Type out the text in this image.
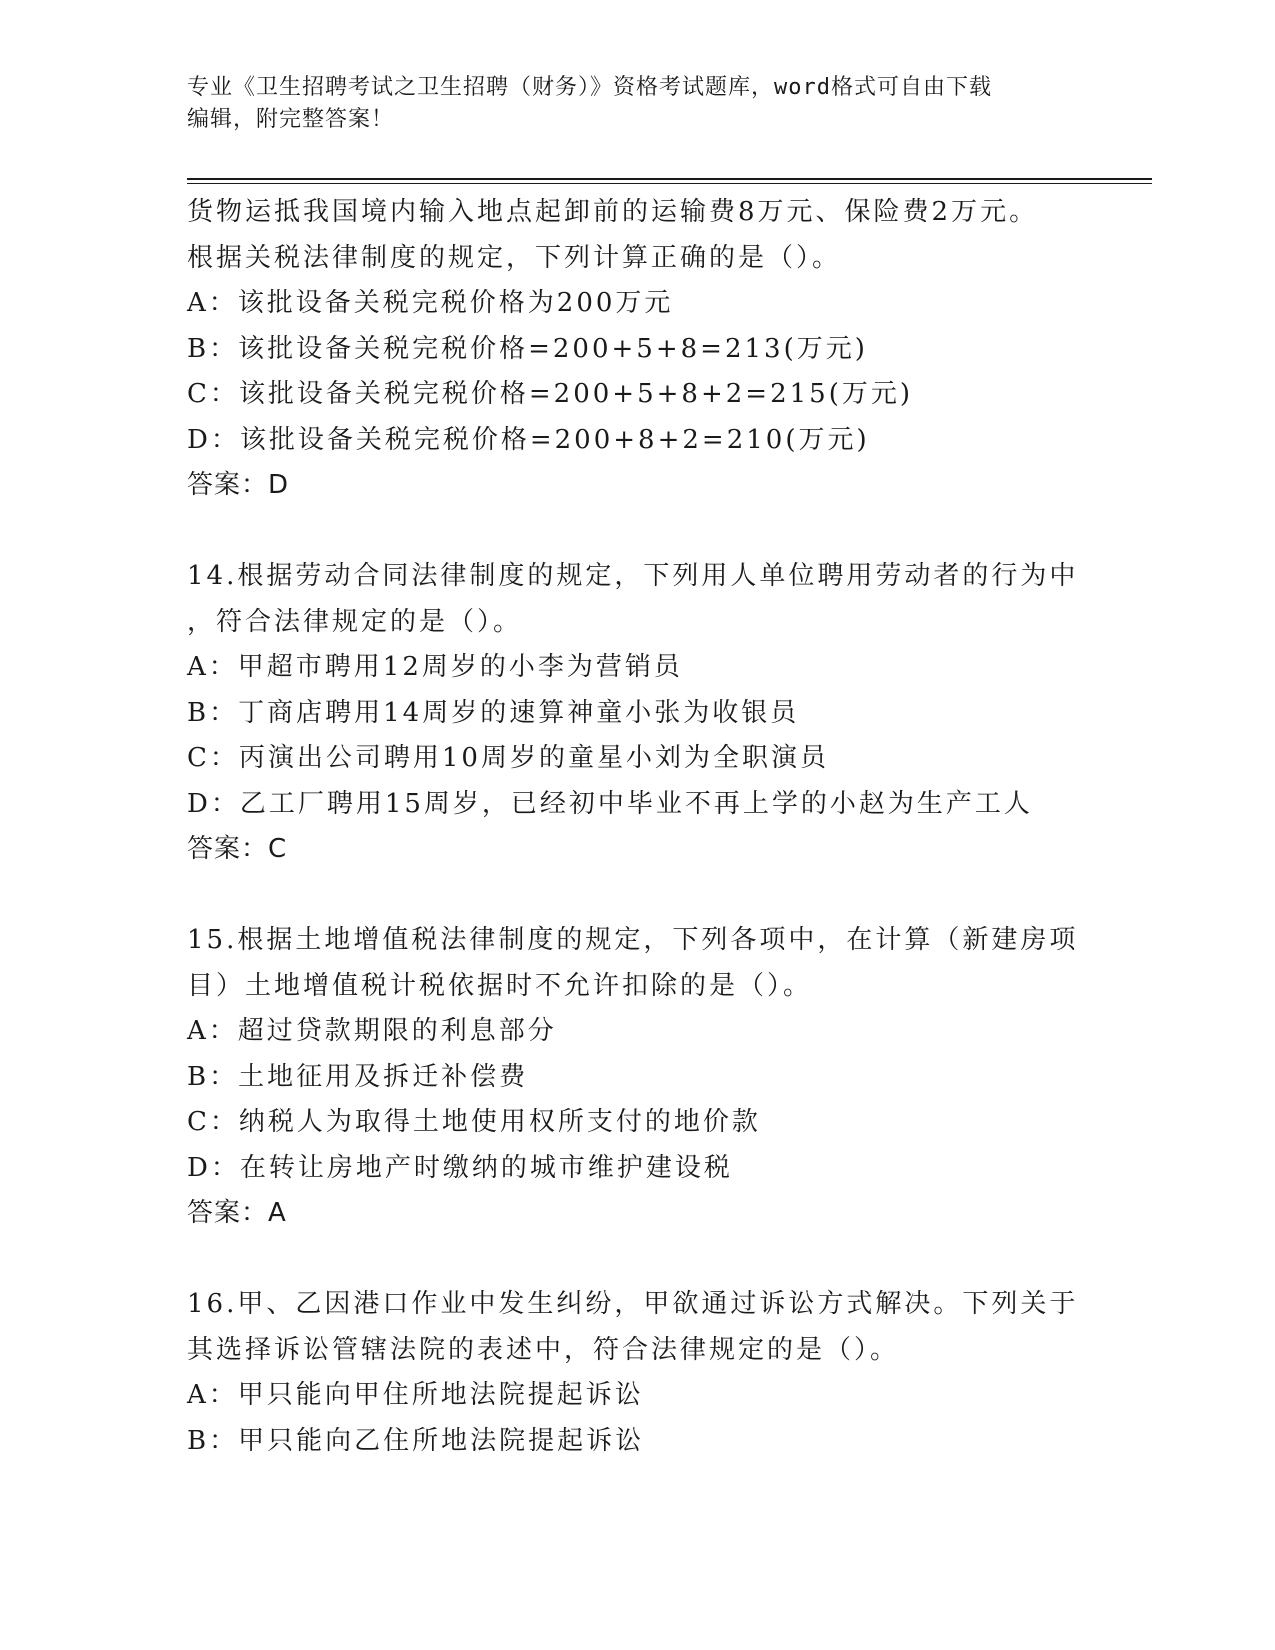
专业《卫生招聘考试之卫生招聘（财务）》资格考试题库，word格式可自由下载
编辑，附完整答案！
货物运抵我国境内输入地点起卸前的运输费8万元、保险费2万元。
根据关税法律制度的规定，下列计算正确的是（）。
A：该批设备关税完税价格为200万元
B：该批设备关税完税价格=200+5+8=213(万元)
C：该批设备关税完税价格=200+5+8+2=215(万元)
D：该批设备关税完税价格=200+8+2=210(万元)
答案：D
14.根据劳动合同法律制度的规定，下列用人单位聘用劳动者的行为中
，符合法律规定的是（）。
A：甲超市聘用12周岁的小李为营销员
B：丁商店聘用14周岁的速算神童小张为收银员
C：丙演出公司聘用10周岁的童星小刘为全职演员
D：乙工厂聘用15周岁，已经初中毕业不再上学的小赵为生产工人
答案：C
15.根据土地增值税法律制度的规定，下列各项中，在计算（新建房项
目）土地增值税计税依据时不允许扣除的是（）。
A：超过贷款期限的利息部分
B：土地征用及拆迁补偿费
C：纳税人为取得土地使用权所支付的地价款
D：在转让房地产时缴纳的城市维护建设税
答案：A
16.甲、乙因港口作业中发生纠纷，甲欲通过诉讼方式解决。下列关于
其选择诉讼管辖法院的表述中，符合法律规定的是（）。
A：甲只能向甲住所地法院提起诉讼
B：甲只能向乙住所地法院提起诉讼
